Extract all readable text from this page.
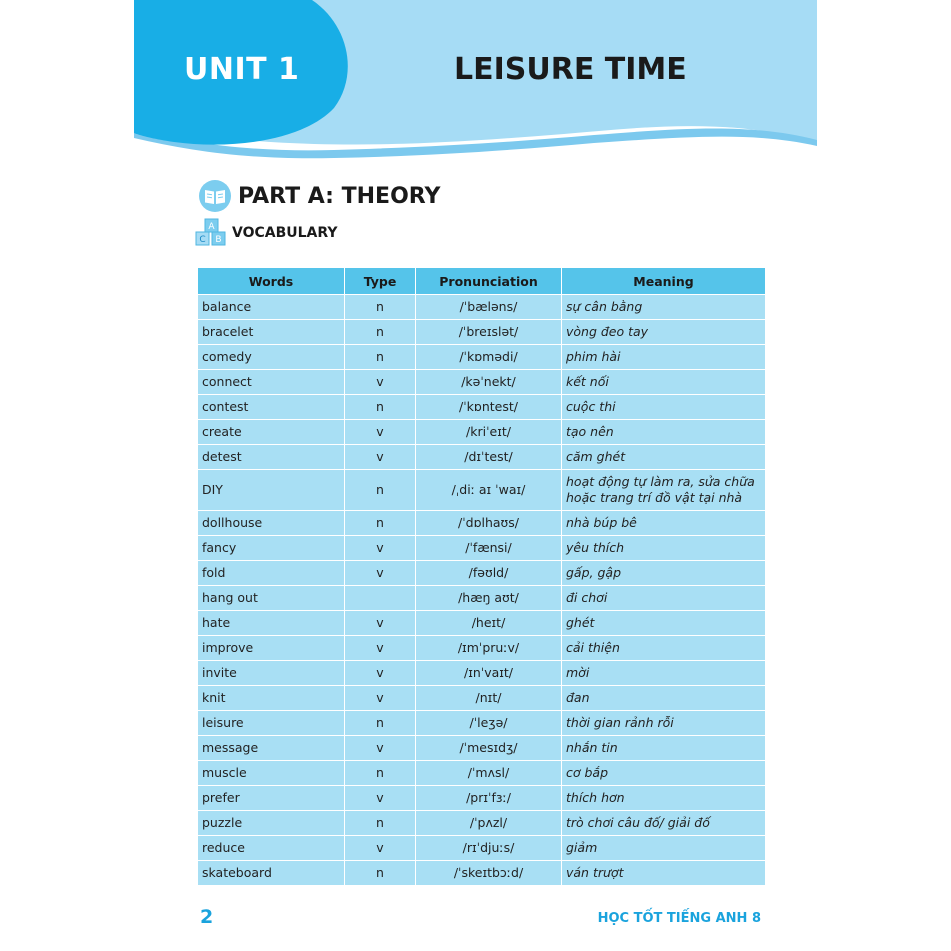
UNIT 1	LEISURE TIME
PART A: THEORY
A
C B VOCABULARY
Words	Type	Pronunciation	Meaning
balance	n	/ˈbæləns/	sự cân bằng
bracelet	n	/ˈbreɪslət/	vòng đeo tay
comedy	n	/ˈkɒmədi/	phim hài
connect	v	/kəˈnekt/	kết nối
contest	n	/ˈkɒntest/	cuộc thi
create	v	/kriˈeɪt/	tạo nên
detest	v	/dɪˈtest/	căm ghét
DIY	n	/ˌdiː aɪ ˈwaɪ/	hoạt động tự làm ra, sửa chữa hoặc trang trí đồ vật tại nhà
dollhouse	n	/ˈdɒlhaʊs/	nhà búp bê
fancy	v	/ˈfænsi/	yêu thích
fold	v	/fəʊld/	gấp, gập
hang out		/hæŋ aʊt/	đi chơi
hate	v	/heɪt/	ghét
improve	v	/ɪmˈpruːv/	cải thiện
invite	v	/ɪnˈvaɪt/	mời
knit	v	/nɪt/	đan
leisure	n	/ˈleʒə/	thời gian rảnh rỗi
message	v	/ˈmesɪdʒ/	nhắn tin
muscle	n	/ˈmʌsl/	cơ bắp
prefer	v	/prɪˈfɜː/	thích hơn
puzzle	n	/ˈpʌzl/	trò chơi câu đố/ giải đố
reduce	v	/rɪˈdjuːs/	giảm
skateboard	n	/ˈskeɪtbɔːd/	ván trượt
2	HỌC TỐT TIẾNG ANH 8
